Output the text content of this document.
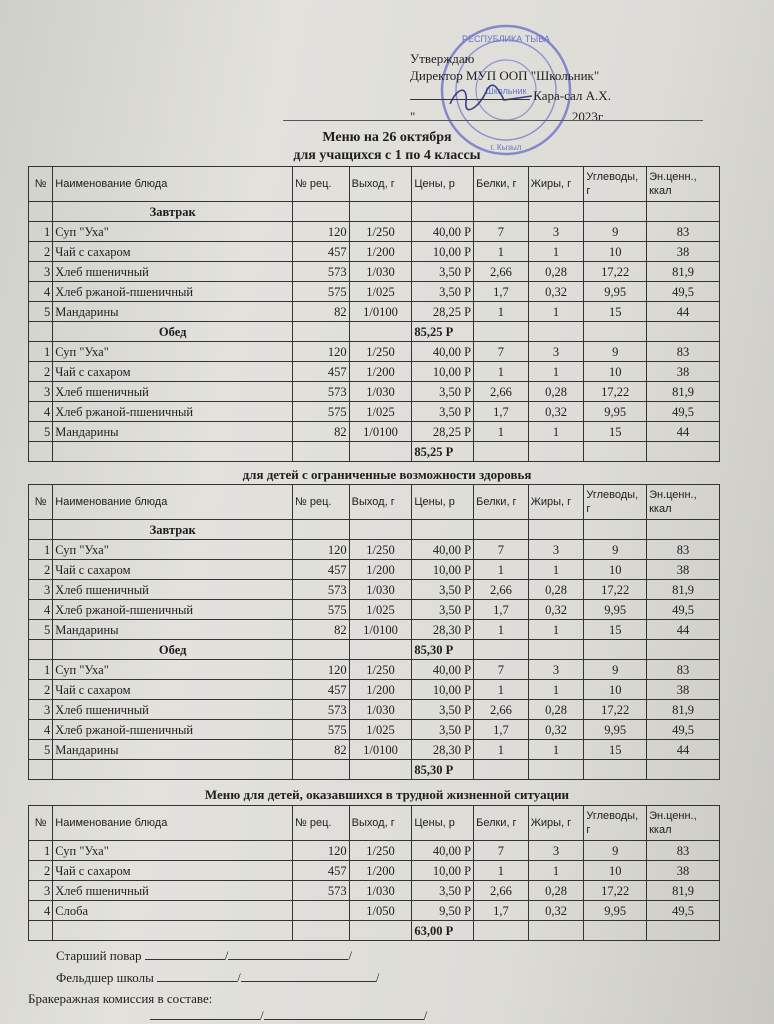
РЕСПУБЛИКА ТЫВА
Школьник
г. Кызыл
Утверждаю
Директор МУП ООП "Школьник"
Кара-сал А.Х.
"	2023г
Меню на 26 октября
для учащихся с 1 по 4 классы
№	Наименование блюда	№ рец.	Выход, г	Цены, р	Белки, г	Жиры, г	Углеводы, г	Эн.ценн., ккал
	Завтрак							
1	Суп "Уха"	120	1/250	40,00 Р	7	3	9	83
2	Чай с сахаром	457	1/200	10,00 Р	1	1	10	38
3	Хлеб пшеничный	573	1/030	3,50 Р	2,66	0,28	17,22	81,9
4	Хлеб ржаной-пшеничный	575	1/025	3,50 Р	1,7	0,32	9,95	49,5
5	Мандарины	82	1/0100	28,25 Р	1	1	15	44
	Обед			85,25 Р				
1	Суп "Уха"	120	1/250	40,00 Р	7	3	9	83
2	Чай с сахаром	457	1/200	10,00 Р	1	1	10	38
3	Хлеб пшеничный	573	1/030	3,50 Р	2,66	0,28	17,22	81,9
4	Хлеб ржаной-пшеничный	575	1/025	3,50 Р	1,7	0,32	9,95	49,5
5	Мандарины	82	1/0100	28,25 Р	1	1	15	44
				85,25 Р				
для детей с ограниченные возможности здоровья
№	Наименование блюда	№ рец.	Выход, г	Цены, р	Белки, г	Жиры, г	Углеводы, г	Эн.ценн., ккал
	Завтрак							
1	Суп "Уха"	120	1/250	40,00 Р	7	3	9	83
2	Чай с сахаром	457	1/200	10,00 Р	1	1	10	38
3	Хлеб пшеничный	573	1/030	3,50 Р	2,66	0,28	17,22	81,9
4	Хлеб ржаной-пшеничный	575	1/025	3,50 Р	1,7	0,32	9,95	49,5
5	Мандарины	82	1/0100	28,30 Р	1	1	15	44
	Обед			85,30 Р				
1	Суп "Уха"	120	1/250	40,00 Р	7	3	9	83
2	Чай с сахаром	457	1/200	10,00 Р	1	1	10	38
3	Хлеб пшеничный	573	1/030	3,50 Р	2,66	0,28	17,22	81,9
4	Хлеб ржаной-пшеничный	575	1/025	3,50 Р	1,7	0,32	9,95	49,5
5	Мандарины	82	1/0100	28,30 Р	1	1	15	44
				85,30 Р				
Меню для детей, оказавшихся в трудной жизненной ситуации
№	Наименование блюда	№ рец.	Выход, г	Цены, р	Белки, г	Жиры, г	Углеводы, г	Эн.ценн., ккал
1	Суп "Уха"	120	1/250	40,00 Р	7	3	9	83
2	Чай с сахаром	457	1/200	10,00 Р	1	1	10	38
3	Хлеб пшеничный	573	1/030	3,50 Р	2,66	0,28	17,22	81,9
4	Слоба		1/050	9,50 Р	1,7	0,32	9,95	49,5
				63,00 Р				
Старший повар	/	/
Фельдшер школы	/	/
Бракеражная комиссия в составе:
/	/
